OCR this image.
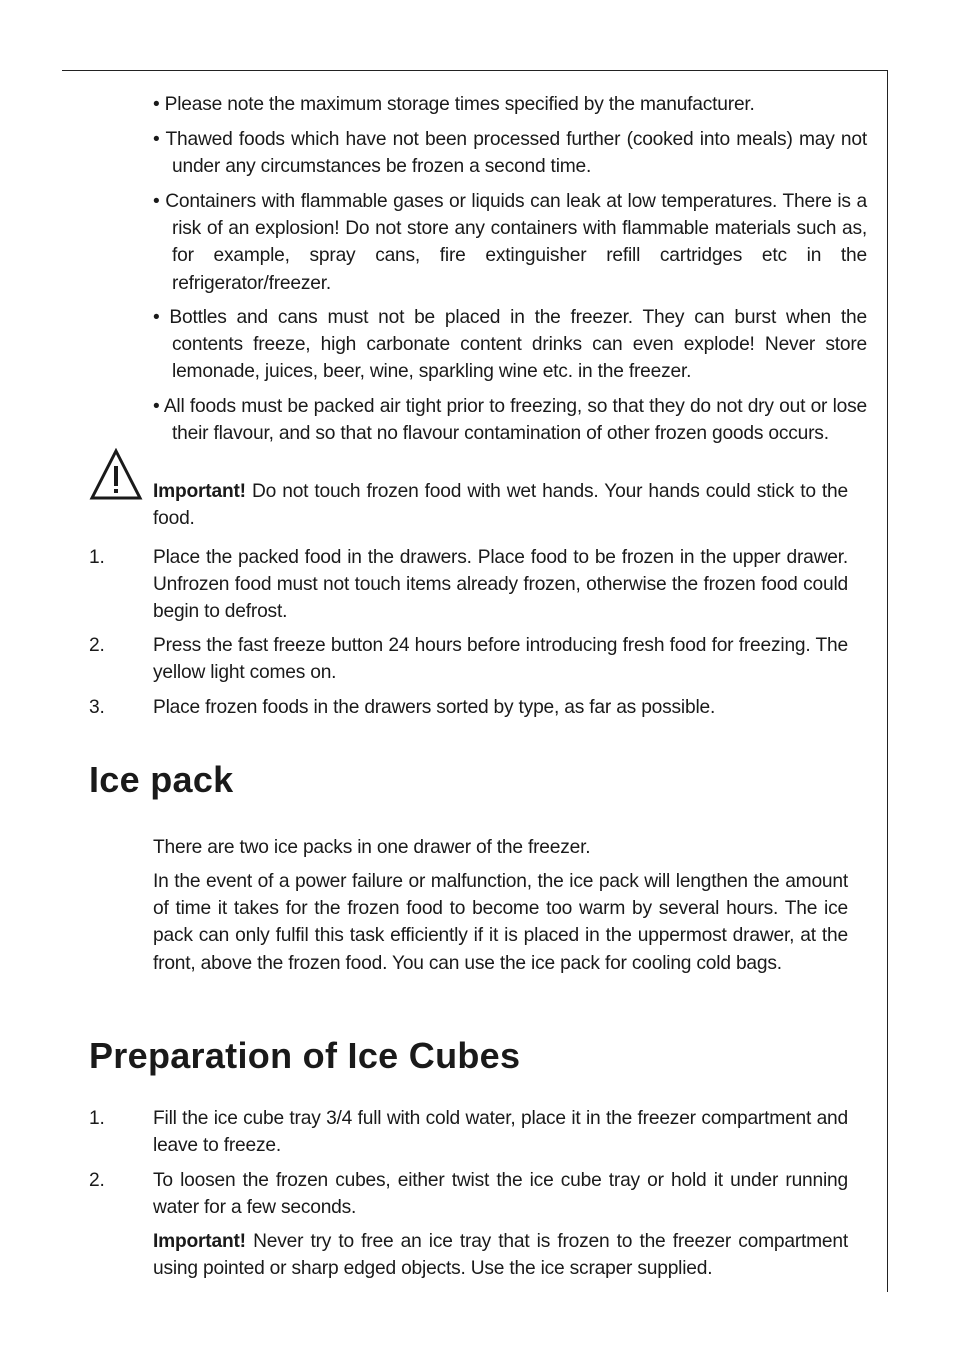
• Please note the maximum storage times specified by the manufacturer.
• Thawed foods which have not been processed further (cooked into meals) may not under any circumstances be frozen a second time.
• Containers with flammable gases or liquids can leak at low temperatures. There is a risk of an explosion! Do not store any containers with flammable materials such as, for example, spray cans, fire extinguisher refill cartridges etc in the refrigerator/freezer.
• Bottles and cans must not be placed in the freezer. They can burst when the contents freeze, high carbonate content drinks can even explode! Never store lemonade, juices, beer, wine, sparkling wine etc. in the freezer.
• All foods must be packed air tight prior to freezing, so that they do not dry out or lose their flavour, and so that no flavour contamination of other frozen goods occurs.
Important! Do not touch frozen food with wet hands. Your hands could stick to the food.
1.	Place the packed food in the drawers. Place food to be frozen in the upper drawer. Unfrozen food must not touch items already frozen, otherwise the frozen food could begin to defrost.
2.	Press the fast freeze button 24 hours before introducing fresh food for freezing. The yellow light comes on.
3.	Place frozen foods in the drawers sorted by type, as far as possible.
Ice pack
There are two ice packs in one drawer of the freezer.
In the event of a power failure or malfunction, the ice pack will lengthen the amount of time it takes for the frozen food to become too warm by several hours. The ice pack can only fulfil this task efficiently if it is placed in the uppermost drawer, at the front, above the frozen food. You can use the ice pack for cooling cold bags.
Preparation of Ice Cubes
1.	Fill the ice cube tray 3/4 full with cold water, place it in the freezer compartment and leave to freeze.
2.	To loosen the frozen cubes, either twist the ice cube tray or hold it under running water for a few seconds.
Important! Never try to free an ice tray that is frozen to the freezer compartment using pointed or sharp edged objects. Use the ice scraper supplied.
